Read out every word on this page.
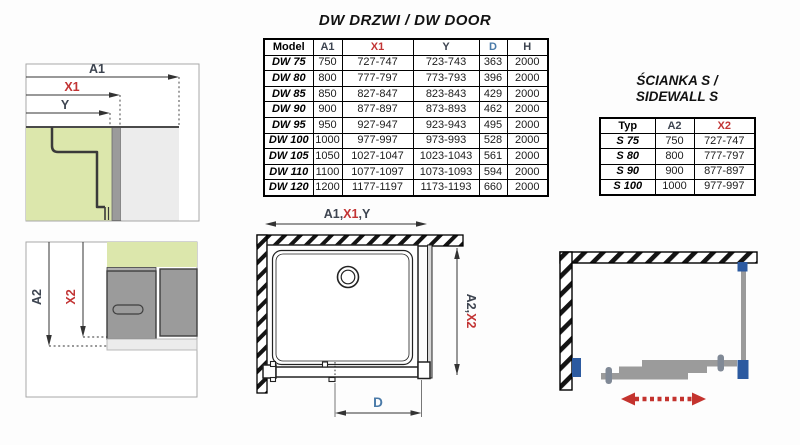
DW DRZWI / DW DOOR
Model	A1	X1	Y	D	H
DW 75	750	727-747	723-743	363	2000
DW 80	800	777-797	773-793	396	2000
DW 85	850	827-847	823-843	429	2000
DW 90	900	877-897	873-893	462	2000
DW 95	950	927-947	923-943	495	2000
DW 100	1000	977-997	973-993	528	2000
DW 105	1050	1027-1047	1023-1043	561	2000
DW 110	1100	1077-1097	1073-1093	594	2000
DW 120	1200	1177-1197	1173-1193	660	2000
ŚCIANKA S /
SIDEWALL S
Typ	A2	X2
S 75	750	727-747
S 80	800	777-797
S 90	900	877-897
S 100	1000	977-997
A1
X1
Y
A2 X2
A1,X1,Y
A2,X2
D
